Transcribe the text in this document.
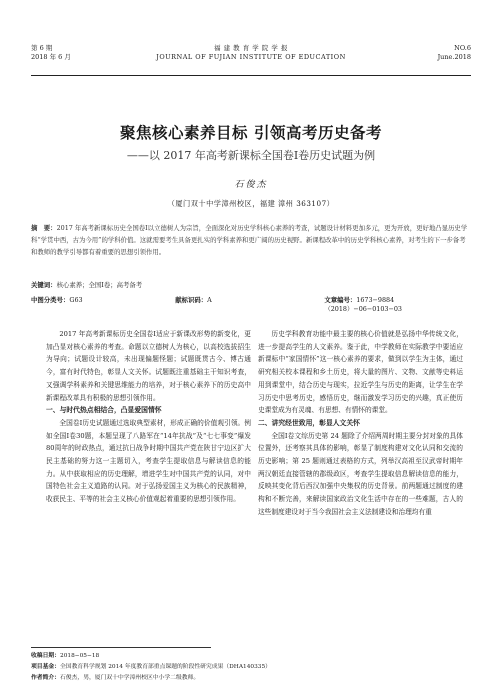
第 6 期	福 建 教 育 学 院 学 报	NO.6
2018 年 6 月	JOURNAL OF FUJIAN INSTITUTE OF EDUCATION	June.2018
聚焦核心素养目标 引领高考历史备考
——以 2017 年高考新课标全国卷Ⅰ卷历史试题为例
石俊杰
（厦门双十中学漳州校区，福建 漳州 363107）
摘　要：2017 年高考新课标历史全国卷Ⅰ以立德树人为宗旨，全面深化对历史学科核心素养的考查，试题设计材料更加多元，更为开放，更好地凸显历史学科“学贯中西，古为今用”的学科价值。这就需要考生具备更扎实的学科素养和更广阔的历史视野。新课程改革中的历史学科核心素养，对考生的下一步备考和教师的教学引导都有着重要的思想引领作用。
关键词：核心素养；全国Ⅰ卷；高考备考
中图分类号：G63	献标识码：A	文章编号：1673−9884（2018）−06−0103−03

2017 年高考新课标历史全国卷Ⅰ适应于新课改形势的新变化，更加凸显对核心素养的考查。命题以立德树人为核心，以高校选拔招生为导向；试题设计较高，未出现偏题怪题；试题既贯古今、博古通今，富有时代特色，彰显人文关怀。试题既注重基础主干知识考查，又强调学科素养和关键思维能力的培养，对于核心素养下的历史高中新课程改革具有积极的思想引领作用。

一、与时代热点相结合，凸显爱国情怀

全国卷Ⅰ历史试题通过选取典型素材，形成正确的价值观引领。例如全国Ⅰ卷30题，本题呈现了八路军在“14年抗战”及“七七事变”爆发80周年的时政热点，通过抗日战争时期中国共产党在陕甘宁边区扩大民主基础的努力这一主题切入，考查学生提取信息与解读信息的能力。从中获取相应的历史理解，增进学生对中国共产党的认同，对中国特色社会主义道路的认同。对于弘扬爱国主义为核心的民族精神，收获民主、平等的社会主义核心价值观起着重要的思想引领作用。

历史学科教育功能中最主要的核心价值就是弘扬中华传统文化，进一步提高学生的人文素养。鉴于此，中学教师在实际教学中要适应新课标中“家国情怀”这一核心素养的要求，做到以学生为主体，通过研究相关校本课程和乡土历史，将大量的图片、文物、文献等史料运用到课堂中，结合历史与现实，拉近学生与历史的距离，让学生在学习历史中思考历史，感悟历史，继而激发学习历史的兴趣，真正使历史课堂成为有灵魂、有思想、有情怀的课堂。

二、讲究经世致用，彰显人文关怀

全国Ⅰ卷文综历史第 24 题除了介绍两周时期主要分封对象的具体位置外，还考察其具体的影响，彰显了制度构建对文化认同和交流的历史影响；第 25 题则通过表格的方式，列举汉高祖至汉武帝时期年两汉朝廷直接管辖的郡级政区，考查学生提取信息解读信息的能力，反映其变化背后西汉加强中央集权的历史背景。前两题通过制度的建构和不断完善，来解读国家政治文化生活中存在的一些难题，古人的这些制度建设对于当今我国社会主义法制建设和治理均有重

收稿日期：2018−05−18
项目基金：全国教育科学规划 2014 年度教育部重点课题的阶段性研究成果（DHA140335）
作者简介：石俊杰，男，厦门双十中学漳州校区中小学二级教师。
